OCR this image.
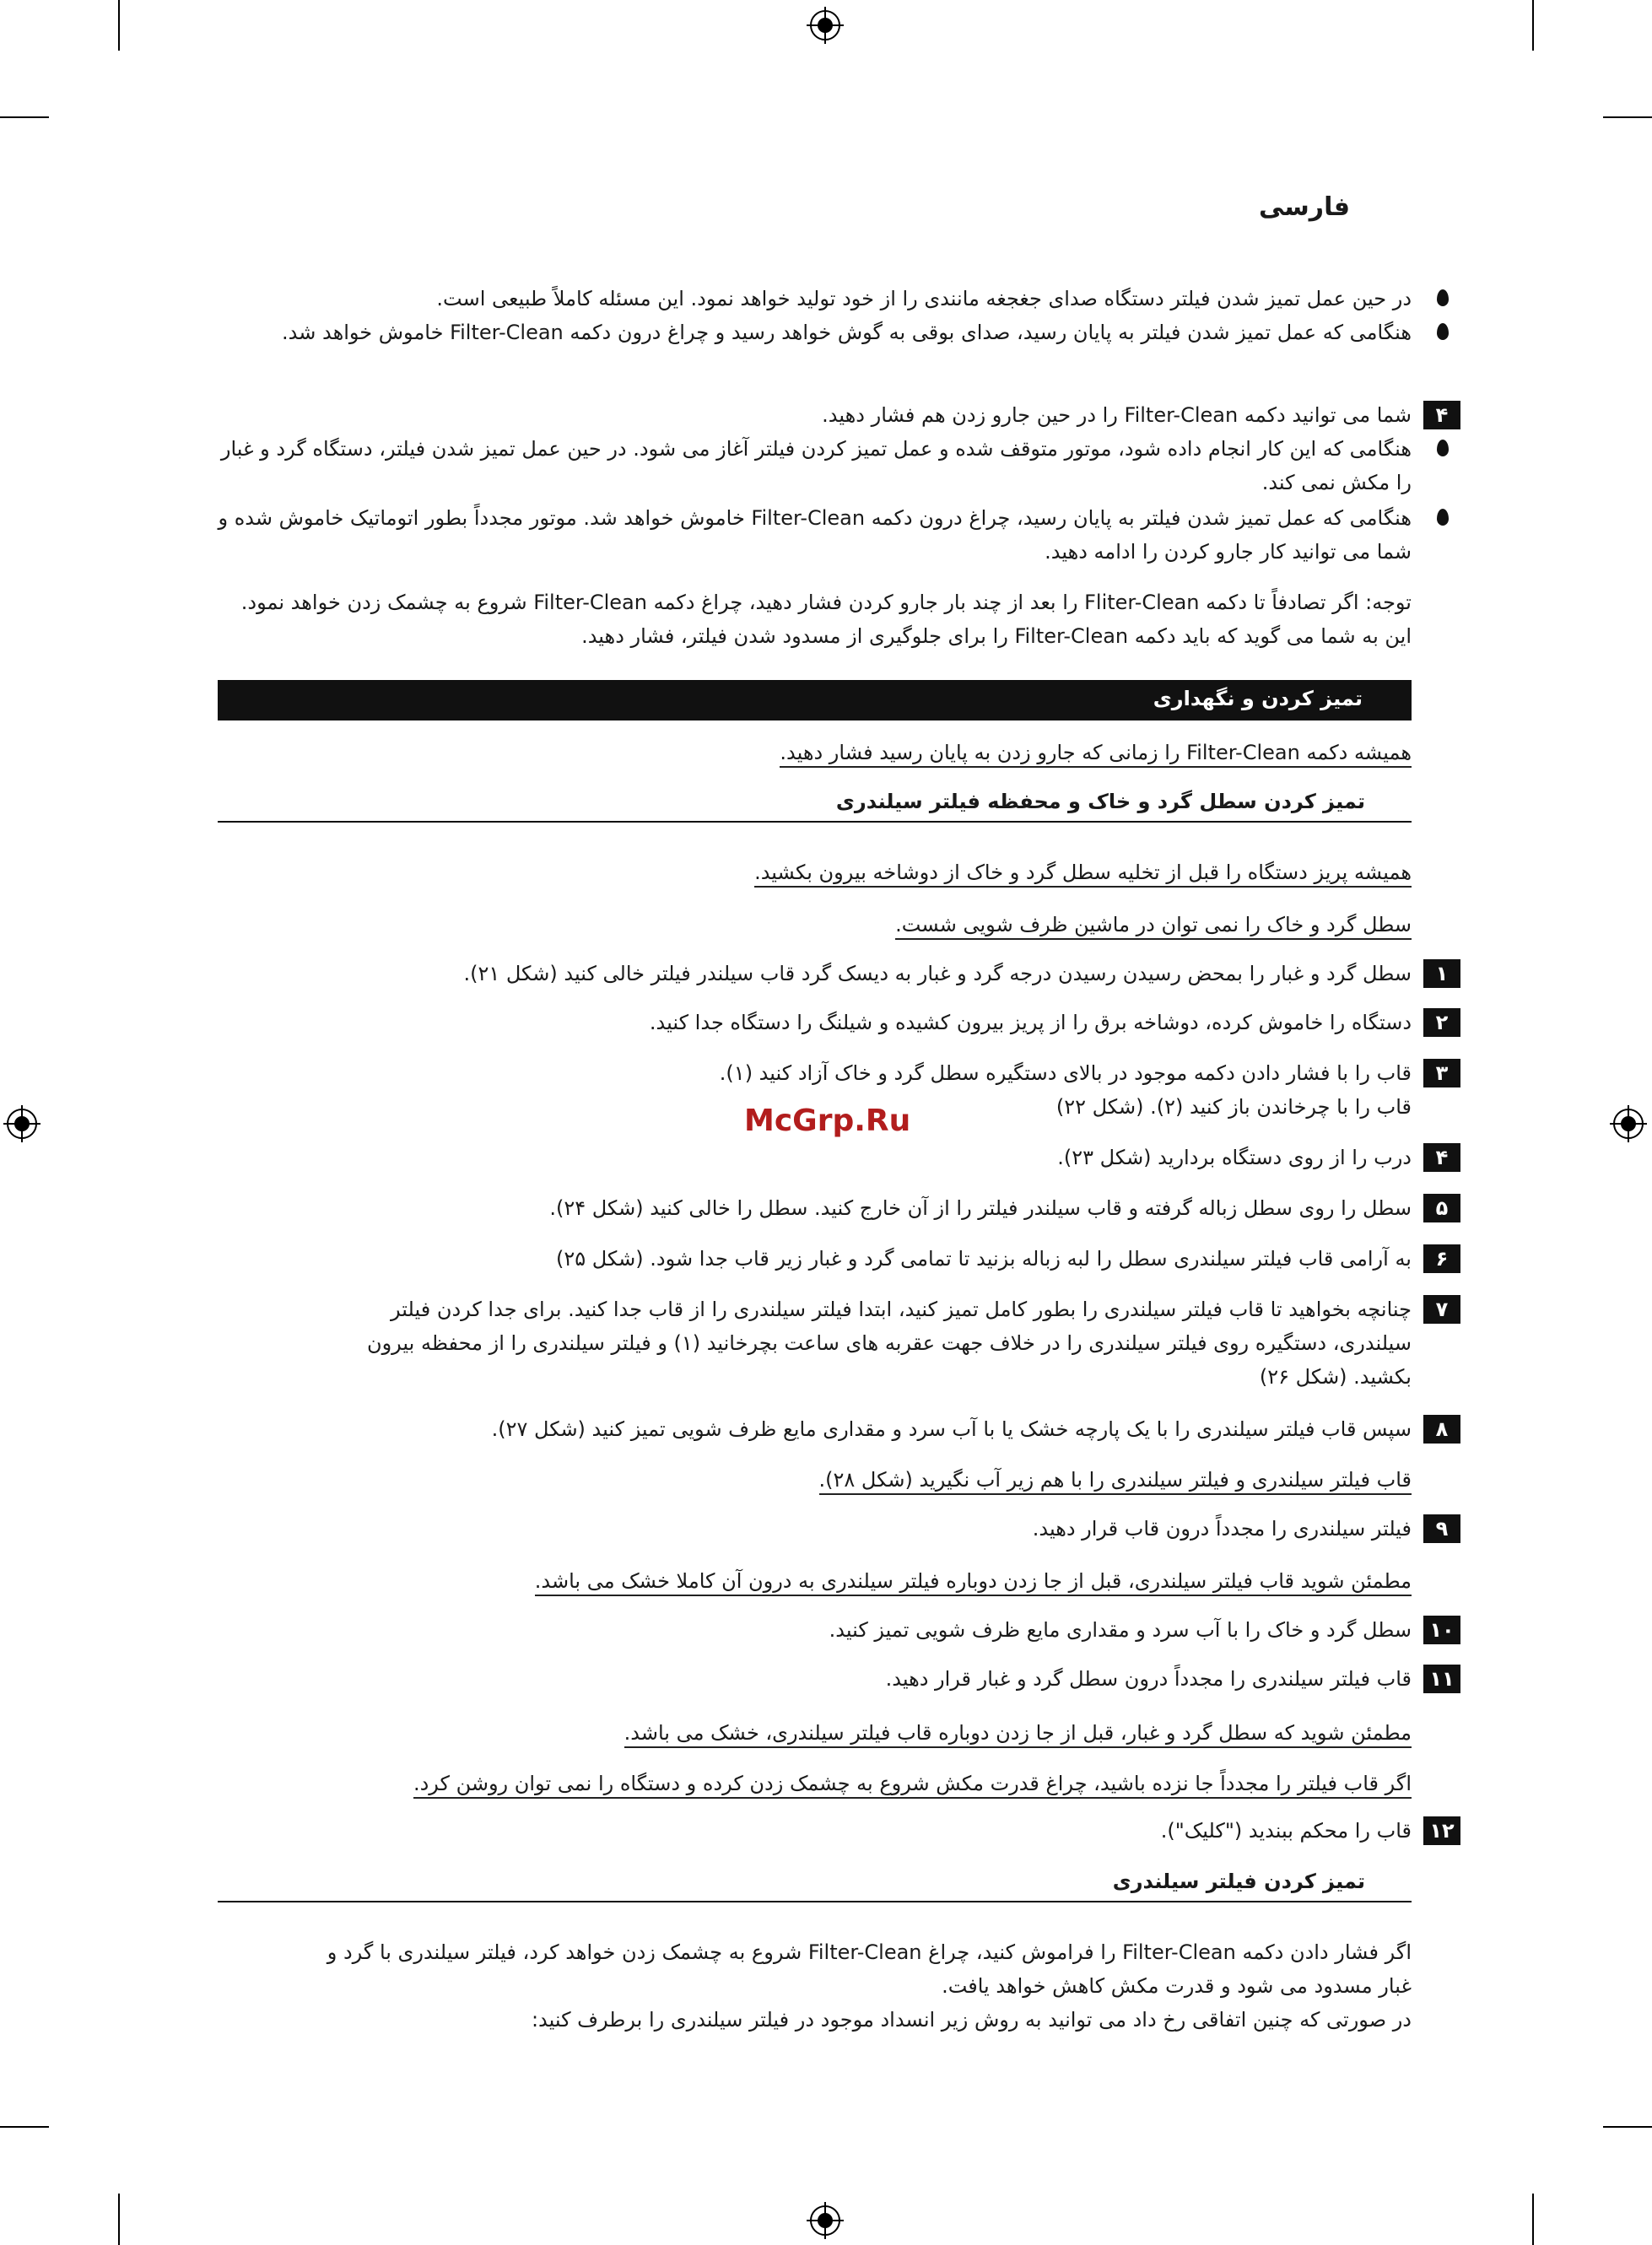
فارسی
در حین عمل تمیز شدن فیلتر دستگاه صدای جغجغه مانندی را از خود تولید خواهد نمود. این مسئله کاملاً طبیعی است.
هنگامی که عمل تمیز شدن فیلتر به پایان رسید، صدای بوقی به گوش خواهد رسید و چراغ درون دکمه Filter-Clean خاموش خواهد شد.
۴
شما می توانید دکمه Filter-Clean را در حین جارو زدن هم فشار دهید.
هنگامی که این کار انجام داده شود، موتور متوقف شده و عمل تمیز کردن فیلتر آغاز می شود. در حین عمل تمیز شدن فیلتر، دستگاه گرد و غبار را مکش نمی کند.
هنگامی که عمل تمیز شدن فیلتر به پایان رسید، چراغ درون دکمه Filter-Clean خاموش خواهد شد. موتور مجدداً بطور اتوماتیک خاموش شده و شما می توانید کار جارو کردن را ادامه دهید.
توجه: اگر تصادفاً تا دکمه Fliter-Clean را بعد از چند بار جارو کردن فشار دهید، چراغ دکمه Filter-Clean شروع به چشمک زدن خواهد نمود. این به شما می گوید که باید دکمه Filter-Clean را برای جلوگیری از مسدود شدن فیلتر، فشار دهید.
تمیز کردن و نگهداری
همیشه دکمه Filter-Clean را زمانی که جارو زدن به پایان رسید فشار دهید.
تمیز کردن سطل گرد و خاک و محفظه فیلتر سیلندری
همیشه پریز دستگاه را قبل از تخلیه سطل گرد و خاک از دوشاخه بیرون بکشید.
سطل گرد و خاک را نمی توان در ماشین ظرف شویی شست.
۱
سطل گرد و غبار را بمحض رسیدن رسیدن درجه گرد و غبار به دیسک گرد قاب سیلندر فیلتر خالی کنید (شکل ۲۱).
۲
دستگاه را خاموش کرده، دوشاخه برق را از پریز بیرون کشیده و شیلنگ را دستگاه جدا کنید.
۳
قاب را با فشار دادن دکمه موجود در بالای دستگیره سطل گرد و خاک آزاد کنید (۱).
قاب را با چرخاندن باز کنید (۲). (شکل ۲۲)
McGrp.Ru
۴
درب را از روی دستگاه بردارید (شکل ۲۳).
۵
سطل را روی سطل زباله گرفته و قاب سیلندر فیلتر را از آن خارج کنید. سطل را خالی کنید (شکل ۲۴).
۶
به آرامی قاب فیلتر سیلندری سطل را لبه زباله بزنید تا تمامی گرد و غبار زیر قاب جدا شود. (شکل ۲۵)
۷
چنانچه بخواهید تا قاب فیلتر سیلندری را بطور کامل تمیز کنید، ابتدا فیلتر سیلندری را از قاب جدا کنید. برای جدا کردن فیلتر
سیلندری، دستگیره روی فیلتر سیلندری را در خلاف جهت عقربه های ساعت بچرخانید (۱) و فیلتر سیلندری را از محفظه بیرون
بکشید. (شکل ۲۶)
۸
سپس قاب فیلتر سیلندری را با یک پارچه خشک یا با آب سرد و مقداری مایع ظرف شویی تمیز کنید (شکل ۲۷).
قاب فیلتر سیلندری و فیلتر سیلندری را با هم زیر آب نگیرید (شکل ۲۸).
۹
فیلتر سیلندری را مجدداً درون قاب قرار دهید.
مطمئن شوید قاب فیلتر سیلندری، قبل از جا زدن دوباره فیلتر سیلندری به درون آن کاملا خشک می باشد.
۱۰
سطل گرد و خاک را با آب سرد و مقداری مایع ظرف شویی تمیز کنید.
۱۱
قاب فیلتر سیلندری را مجدداً درون سطل گرد و غبار قرار دهید.
مطمئن شوید که سطل گرد و غبار، قبل از جا زدن دوباره قاب فیلتر سیلندری، خشک می باشد.
اگر قاب فیلتر را مجدداً جا نزده باشید، چراغ قدرت مکش شروع به چشمک زدن کرده و دستگاه را نمی توان روشن کرد.
۱۲
قاب را محکم ببندید ("کلیک").
تمیز کردن فیلتر سیلندری
اگر فشار دادن دکمه Filter-Clean را فراموش کنید، چراغ Filter-Clean شروع به چشمک زدن خواهد کرد، فیلتر سیلندری با گرد و
غبار مسدود می شود و قدرت مکش کاهش خواهد یافت.
در صورتی که چنین اتفاقی رخ داد می توانید به روش زیر انسداد موجود در فیلتر سیلندری را برطرف کنید:
